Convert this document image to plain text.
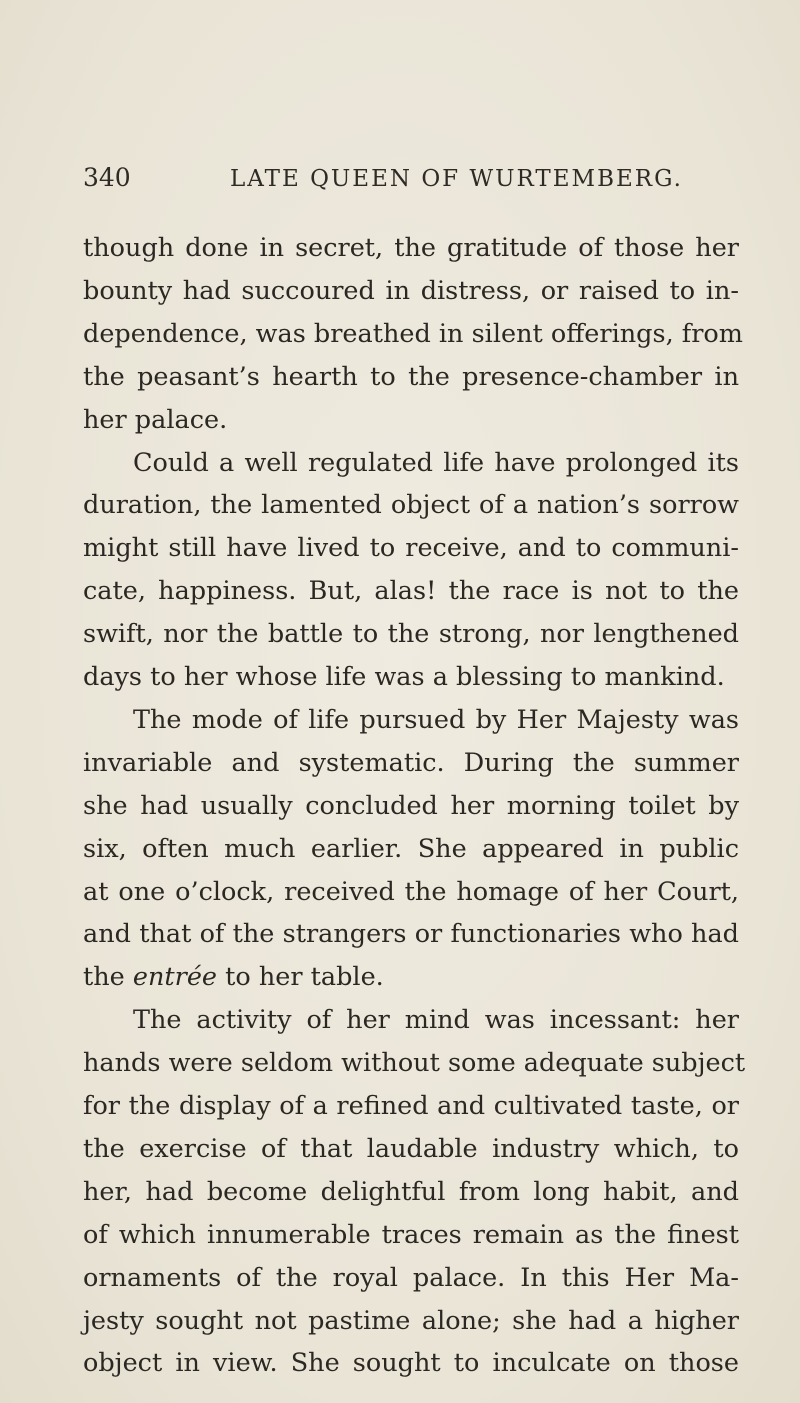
340	LATE QUEEN OF WURTEMBERG.
though done in secret, the gratitude of those her
bounty had succoured in distress, or raised to in-
dependence, was breathed in silent offerings, from
the peasant’s hearth to the presence-chamber in
her palace.
Could a well regulated life have prolonged its
duration, the lamented object of a nation’s sorrow
might still have lived to receive, and to communi-
cate, happiness. But, alas! the race is not to the
swift, nor the battle to the strong, nor lengthened
days to her whose life was a blessing to mankind.
The mode of life pursued by Her Majesty was
invariable and systematic. During the summer
she had usually concluded her morning toilet by
six, often much earlier. She appeared in public
at one o’clock, received the homage of her Court,
and that of the strangers or functionaries who had
the entrée to her table.
The activity of her mind was incessant: her
hands were seldom without some adequate subject
for the display of a refined and cultivated taste, or
the exercise of that laudable industry which, to
her, had become delightful from long habit, and
of which innumerable traces remain as the finest
ornaments of the royal palace. In this Her Ma-
jesty sought not pastime alone; she had a higher
object in view. She sought to inculcate on those
